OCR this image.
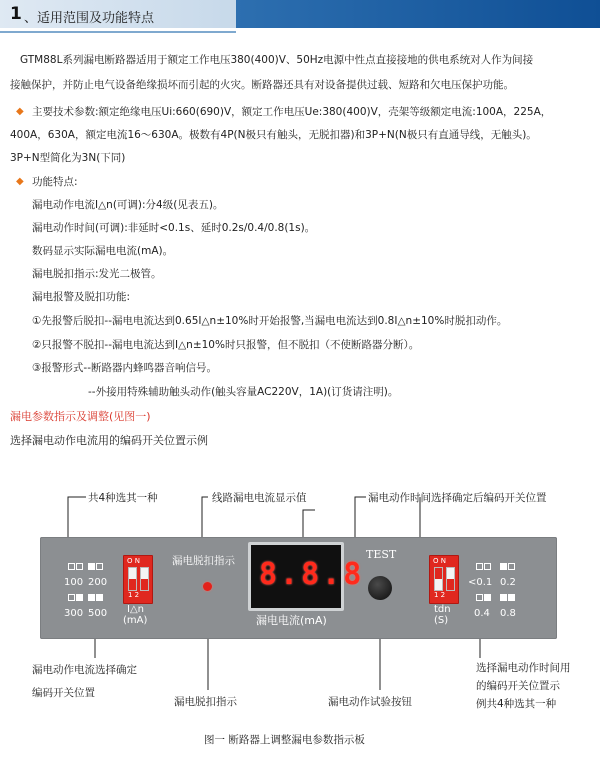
1 、适用范围及功能特点
GTM88L系列漏电断路器适用于额定工作电压380(400)V、50Hz电源中性点直接接地的供电系统对人作为间接
接触保护，并防止电气设备绝缘损坏而引起的火灾。断路器还具有对设备提供过载、短路和欠电压保护功能。
◆ 主要技术参数:额定绝缘电压Ui:660(690)V，额定工作电压Ue:380(400)V，壳架等级额定电流:100A，225A，
400A，630A，额定电流16～630A。极数有4P(N极只有触头，无脱扣器)和3P+N(N极只有直通导线，无触头)。
3P+N型简化为3N(下同)
◆ 功能特点:
漏电动作电流I△n(可调):分4级(见表五)。
漏电动作时间(可调):非延时<0.1s、延时0.2s/0.4/0.8(1s)。
数码显示实际漏电电流(mA)。
漏电脱扣指示:发光二极管。
漏电报警及脱扣功能:
①先报警后脱扣--漏电电流达到0.65I△n±10%时开始报警,当漏电电流达到0.8I△n±10%时脱扣动作。
②只报警不脱扣--漏电电流达到I△n±10%时只报警，但不脱扣（不使断路器分断）。
③报警形式--断路器内蜂鸣器音响信号。
--外接用特殊辅助触头动作(触头容量AC220V，1A)(订货请注明)。
漏电参数指示及调整(见图一)
选择漏电动作电流用的编码开关位置示例
共4种选其一种	线路漏电电流显示值	漏电动作时间选择确定后编码开关位置
100 200
300 500
O N
1 2
I△n
(mA)
漏电脱扣指示 8.8.8
漏电电流(mA)
TEST	O N
1 2
tdn
(S)
<0.1 0.2
0.4 0.8
漏电动作电流选择确定
编码开关位置
漏电脱扣指示	漏电动作试验按钮
选择漏电动作时间用
的编码开关位置示
例共4种选其一种
图一 断路器上调整漏电参数指示板
